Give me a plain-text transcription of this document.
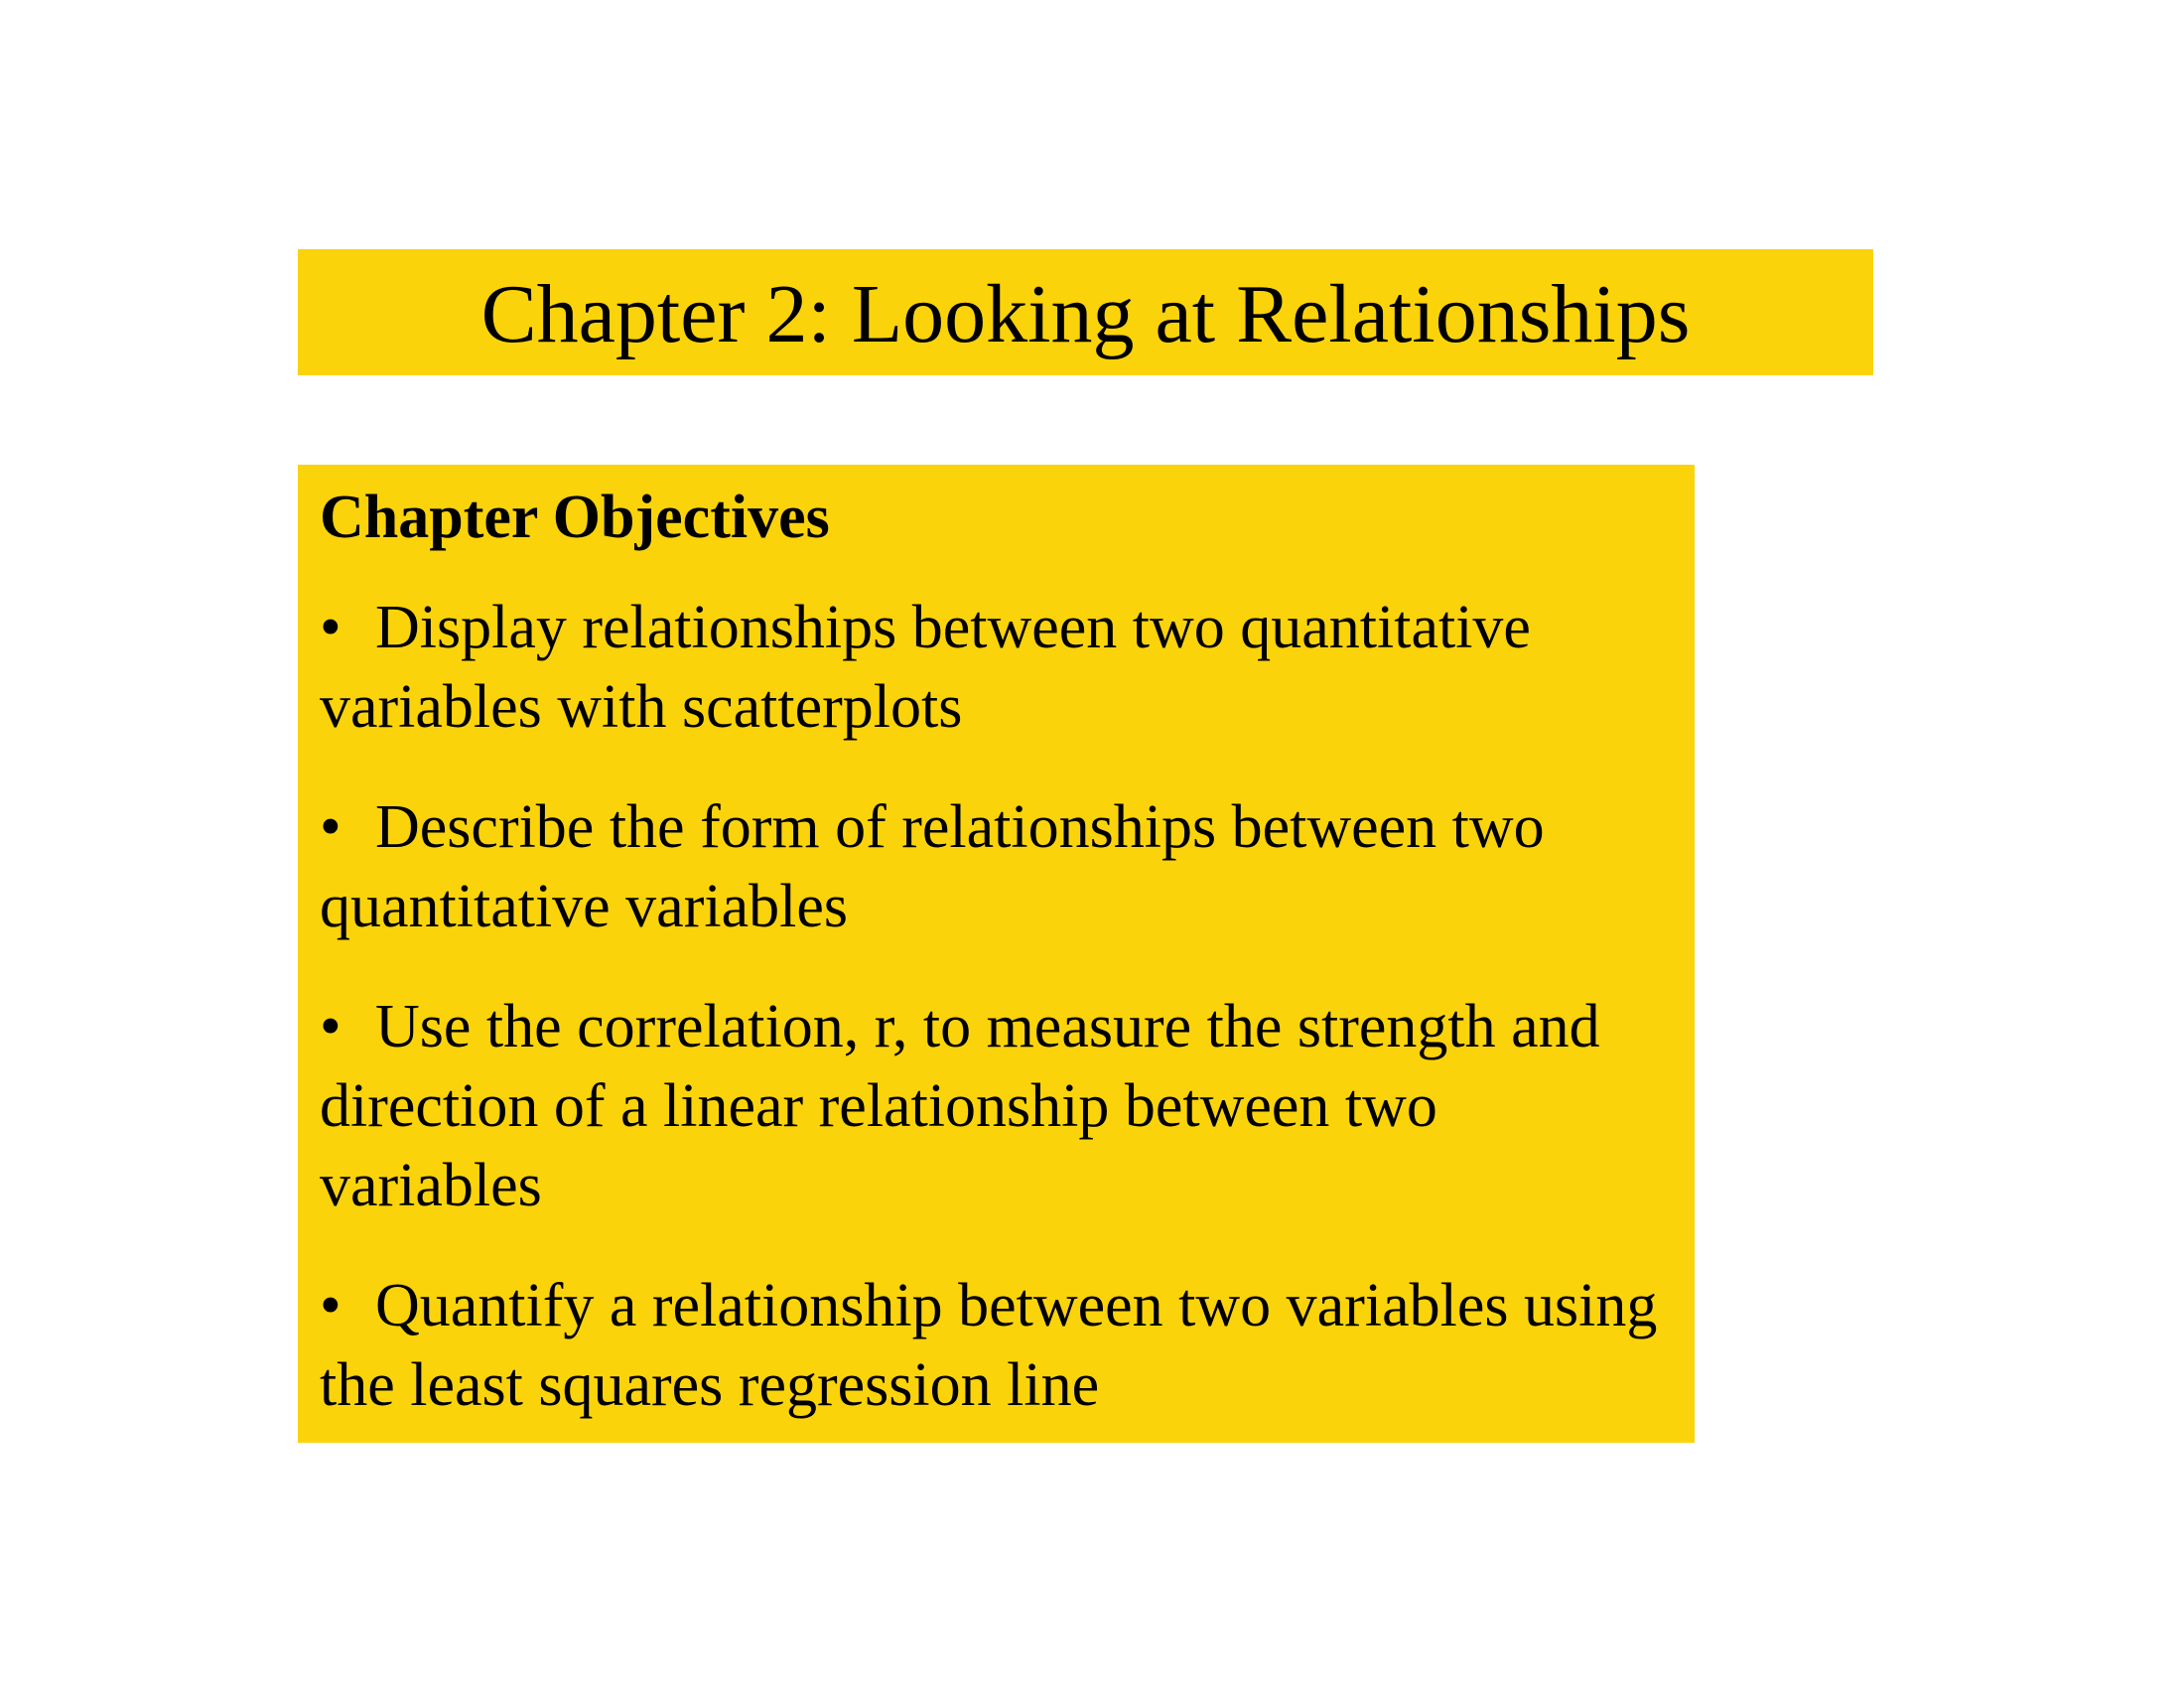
Chapter 2: Looking at Relationships
Chapter Objectives
• Display relationships between two quantitative variables with scatterplots
• Describe the form of relationships between two quantitative variables
• Use the correlation, r, to measure the strength and direction of a linear relationship between two variables
• Quantify a relationship between two variables using the least squares regression line
